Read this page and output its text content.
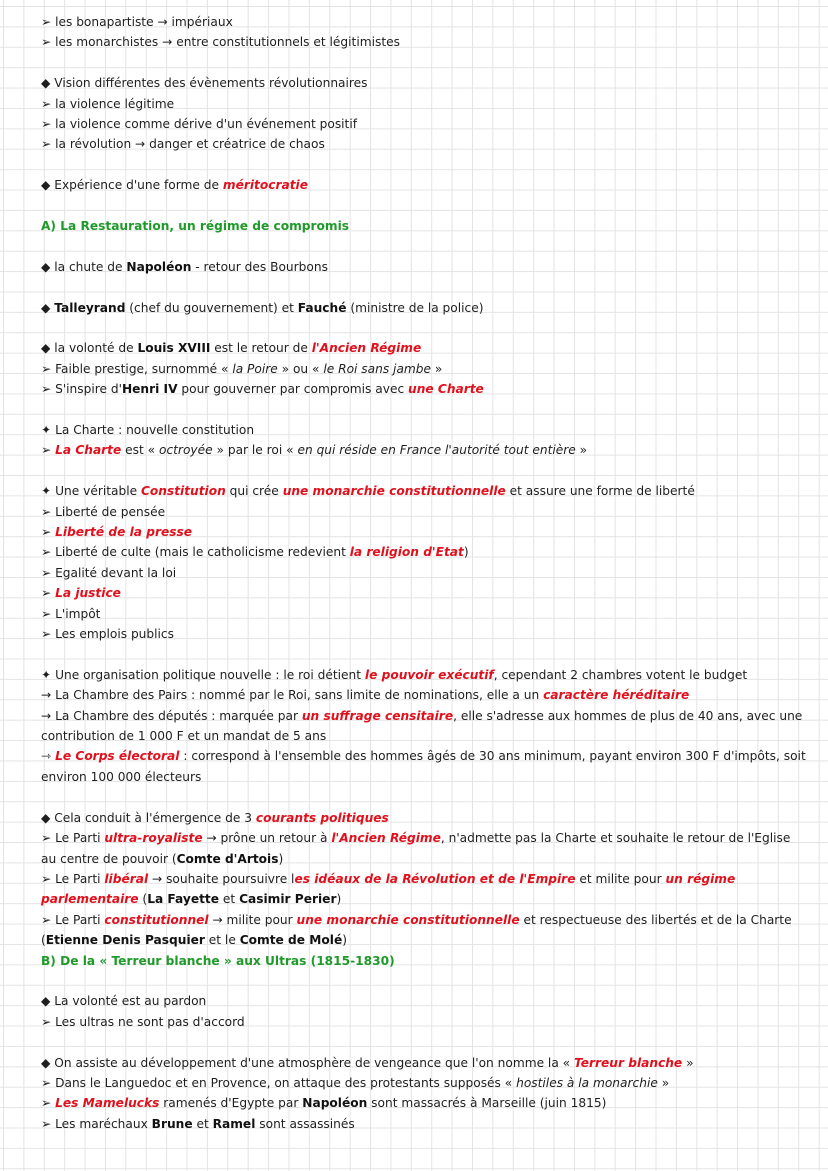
➢ les bonapartiste → impériaux
➢ les monarchistes → entre constitutionnels et légitimistes
◆ Vision différentes des évènements révolutionnaires
➢ la violence légitime
➢ la violence comme dérive d'un événement positif
➢ la révolution → danger et créatrice de chaos
◆ Expérience d'une forme de méritocratie
A) La Restauration, un régime de compromis
◆ la chute de Napoléon - retour des Bourbons
◆ Talleyrand (chef du gouvernement) et Fauché (ministre de la police)
◆ la volonté de Louis XVIII est le retour de l'Ancien Régime
➢ Faible prestige, surnommé « la Poire » ou « le Roi sans jambe »
➢ S'inspire d'Henri IV pour gouverner par compromis avec une Charte
✦ La Charte : nouvelle constitution
➢ La Charte est « octroyée » par le roi « en qui réside en France l'autorité tout entière »
✦ Une véritable Constitution qui crée une monarchie constitutionnelle et assure une forme de liberté
➢ Liberté de pensée
➢ Liberté de la presse
➢ Liberté de culte (mais le catholicisme redevient la religion d'Etat)
➢ Egalité devant la loi
➢ La justice
➢ L'impôt
➢ Les emplois publics
✦ Une organisation politique nouvelle : le roi détient le pouvoir exécutif, cependant 2 chambres votent le budget
→ La Chambre des Pairs : nommé par le Roi, sans limite de nominations, elle a un caractère héréditaire
→ La Chambre des députés : marquée par un suffrage censitaire, elle s'adresse aux hommes de plus de 40 ans, avec une contribution de 1 000 F et un mandat de 5 ans
⇾ Le Corps électoral : correspond à l'ensemble des hommes âgés de 30 ans minimum, payant environ 300 F d'impôts, soit environ 100 000 électeurs
◆ Cela conduit à l'émergence de 3 courants politiques
➢ Le Parti ultra-royaliste → prône un retour à l'Ancien Régime, n'admette pas la Charte et souhaite le retour de l'Eglise au centre de pouvoir (Comte d'Artois)
➢ Le Parti libéral → souhaite poursuivre les idéaux de la Révolution et de l'Empire et milite pour un régime parlementaire (La Fayette et Casimir Perier)
➢ Le Parti constitutionnel → milite pour une monarchie constitutionnelle et respectueuse des libertés et de la Charte (Etienne Denis Pasquier et le Comte de Molé)
B) De la « Terreur blanche » aux Ultras (1815-1830)
◆ La volonté est au pardon
➢ Les ultras ne sont pas d'accord
◆ On assiste au développement d'une atmosphère de vengeance que l'on nomme la « Terreur blanche »
➢ Dans le Languedoc et en Provence, on attaque des protestants supposés « hostiles à la monarchie »
➢ Les Mamelucks ramenés d'Egypte par Napoléon sont massacrés à Marseille (juin 1815)
➢ Les maréchaux Brune et Ramel sont assassinés
